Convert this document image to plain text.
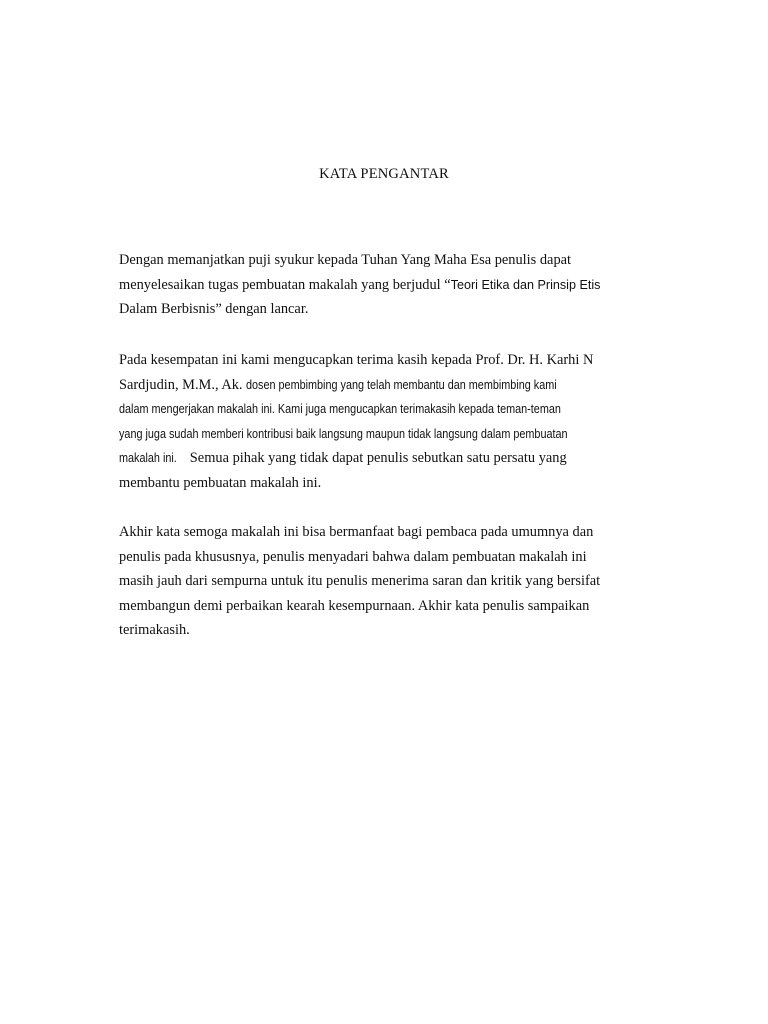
KATA PENGANTAR
Dengan memanjatkan puji syukur kepada Tuhan Yang Maha Esa penulis dapat
menyelesaikan tugas pembuatan makalah yang berjudul “Teori Etika dan Prinsip Etis
Dalam Berbisnis” dengan lancar.
Pada kesempatan ini kami mengucapkan terima kasih kepada Prof. Dr. H. Karhi N
Sardjudin, M.M., Ak. dosen pembimbing yang telah membantu dan membimbing kami
dalam mengerjakan makalah ini. Kami juga mengucapkan terimakasih kepada teman-teman
yang juga sudah memberi kontribusi baik langsung maupun tidak langsung dalam pembuatan
makalah ini. Semua pihak yang tidak dapat penulis sebutkan satu persatu yang
membantu pembuatan makalah ini.
Akhir kata semoga makalah ini bisa bermanfaat bagi pembaca pada umumnya dan
penulis pada khususnya, penulis menyadari bahwa dalam pembuatan makalah ini
masih jauh dari sempurna untuk itu penulis menerima saran dan kritik yang bersifat
membangun demi perbaikan kearah kesempurnaan. Akhir kata penulis sampaikan
terimakasih.
